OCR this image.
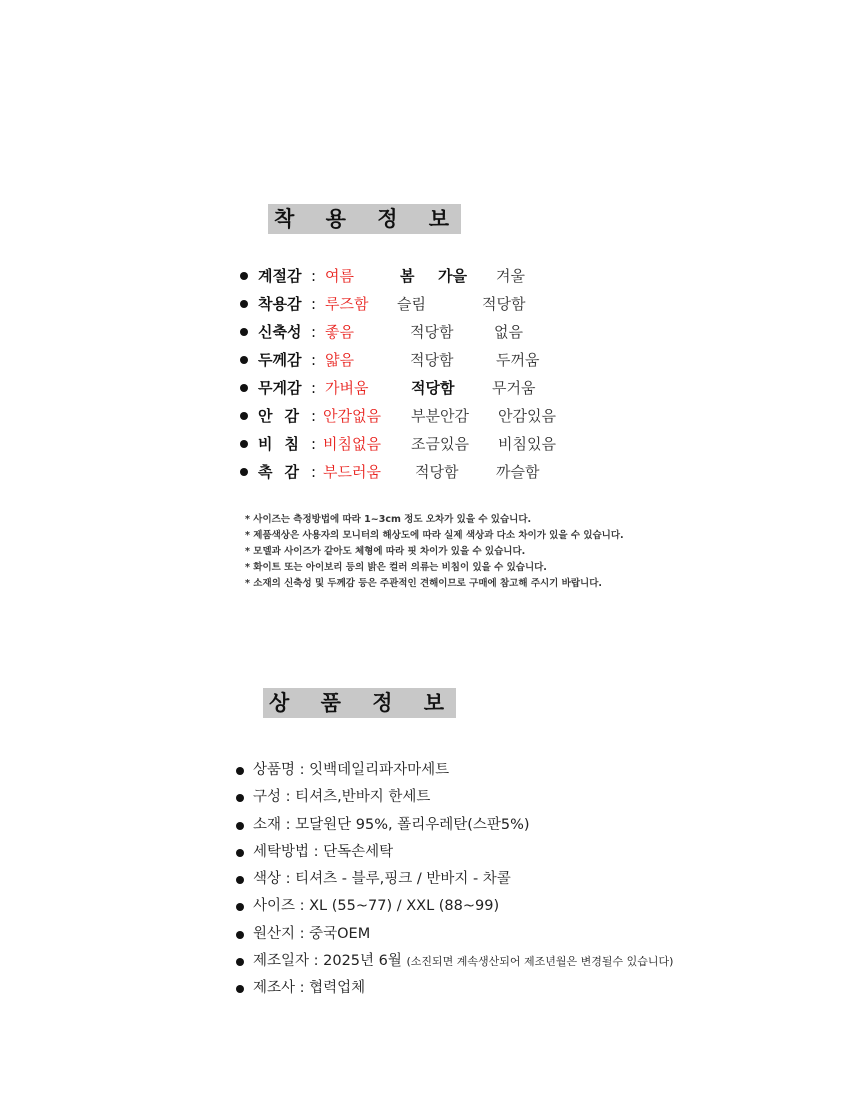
착 용 정 보
계절감 : 여름	봄 가을 겨울
착용감 : 루즈함 슬림	적당함
신축성 : 좋음	적당함	없음
두께감 : 얇음	적당함	두꺼움
무게감 : 가벼움	적당함	무거움
안감 : 안감없음 부분안감 안감있음
비침 : 비침없음 조금있음 비침있음
촉감 : 부드러움 적당함	까슬함
* 사이즈는 측정방법에 따라 1~3cm 정도 오차가 있을 수 있습니다.
* 제품색상은 사용자의 모니터의 해상도에 따라 실제 색상과 다소 차이가 있을 수 있습니다.
* 모델과 사이즈가 같아도 체형에 따라 핏 차이가 있을 수 있습니다.
* 화이트 또는 아이보리 등의 밝은 컬러 의류는 비침이 있을 수 있습니다.
* 소재의 신축성 및 두께감 등은 주관적인 견해이므로 구매에 참고해 주시기 바랍니다.
상 품 정 보
상품명 : 잇백데일리파자마세트
구성 : 티셔츠,반바지 한세트
소재 : 모달원단 95%, 폴리우레탄(스판5%)
세탁방법 : 단독손세탁
색상 : 티셔츠 - 블루,핑크 / 반바지 - 차콜
사이즈 : XL (55~77) / XXL (88~99)
원산지 : 중국OEM
제조일자 : 2025년 6월 (소진되면 계속생산되어 제조년월은 변경될수 있습니다)
제조사 : 협력업체
